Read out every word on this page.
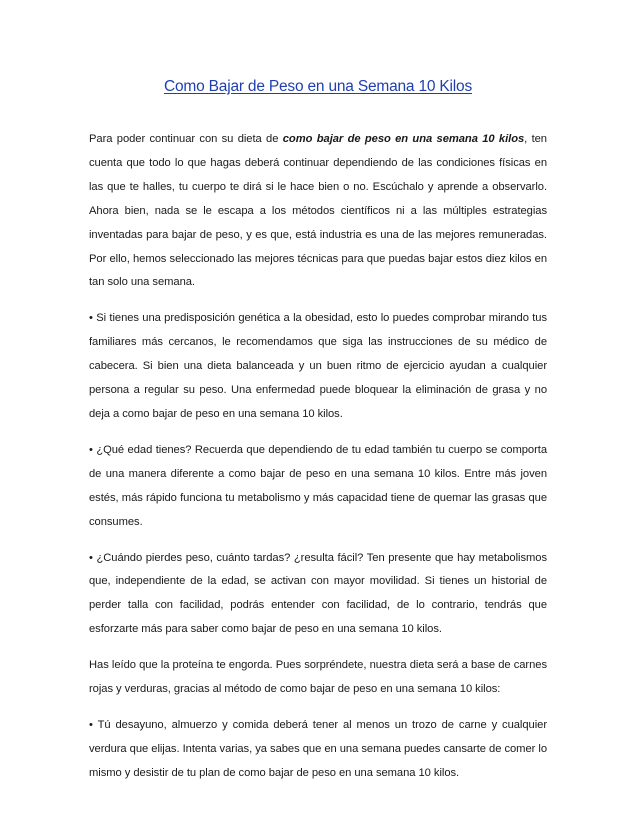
Como Bajar de Peso en una Semana 10 Kilos

Para poder continuar con su dieta de como bajar de peso en una semana 10 kilos, ten cuenta que todo lo que hagas deberá continuar dependiendo de las condiciones físicas en las que te halles, tu cuerpo te dirá si le hace bien o no. Escúchalo y aprende a observarlo. Ahora bien, nada se le escapa a los métodos científicos ni a las múltiples estrategias inventadas para bajar de peso, y es que, está industria es una de las mejores remuneradas. Por ello, hemos seleccionado las mejores técnicas para que puedas bajar estos diez kilos en tan solo una semana.

• Si tienes una predisposición genética a la obesidad, esto lo puedes comprobar mirando tus familiares más cercanos, le recomendamos que siga las instrucciones de su médico de cabecera. Si bien una dieta balanceada y un buen ritmo de ejercicio ayudan a cualquier persona a regular su peso. Una enfermedad puede bloquear la eliminación de grasa y no deja a como bajar de peso en una semana 10 kilos.

• ¿Qué edad tienes? Recuerda que dependiendo de tu edad también tu cuerpo se comporta de una manera diferente a como bajar de peso en una semana 10 kilos. Entre más joven estés, más rápido funciona tu metabolismo y más capacidad tiene de quemar las grasas que consumes.

• ¿Cuándo pierdes peso, cuánto tardas? ¿resulta fácil? Ten presente que hay metabolismos que, independiente de la edad, se activan con mayor movilidad. Si tienes un historial de perder talla con facilidad, podrás entender con facilidad, de lo contrario, tendrás que esforzarte más para saber como bajar de peso en una semana 10 kilos.

Has leído que la proteína te engorda. Pues sorpréndete, nuestra dieta será a base de carnes rojas y verduras, gracias al método de como bajar de peso en una semana 10 kilos:

• Tú desayuno, almuerzo y comida deberá tener al menos un trozo de carne y cualquier verdura que elijas. Intenta varias, ya sabes que en una semana puedes cansarte de comer lo mismo y desistir de tu plan de como bajar de peso en una semana 10 kilos.
